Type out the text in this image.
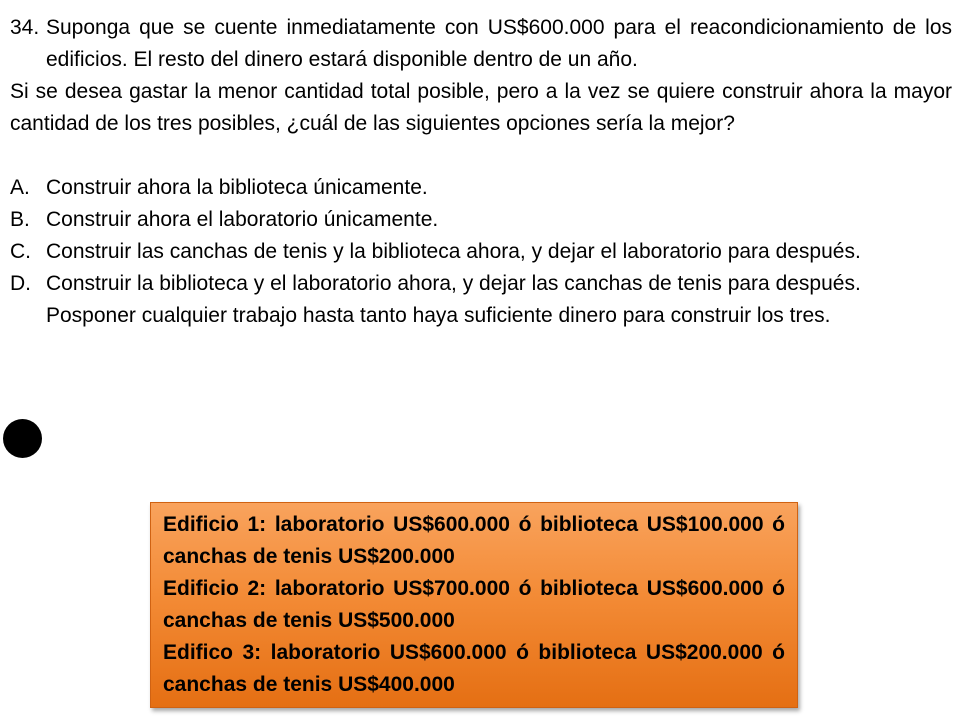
34. Suponga que se cuente inmediatamente con US$600.000 para el reacondicionamiento de los edificios. El resto del dinero estará disponible dentro de un año.
Si se desea gastar la menor cantidad total posible, pero a la vez se quiere construir ahora la mayor cantidad de los tres posibles, ¿cuál de las siguientes opciones sería la mejor?
A. Construir ahora la biblioteca únicamente.
B. Construir ahora el laboratorio únicamente.
C. Construir las canchas de tenis y la biblioteca ahora, y dejar el laboratorio para después.
D. Construir la biblioteca y el laboratorio ahora, y dejar las canchas de tenis para después.
Posponer cualquier trabajo hasta tanto haya suficiente dinero para construir los tres.
Edificio 1: laboratorio US$600.000 ó biblioteca US$100.000 ó canchas de tenis US$200.000
Edificio 2: laboratorio US$700.000 ó biblioteca US$600.000 ó canchas de tenis US$500.000
Edifico 3: laboratorio US$600.000 ó biblioteca US$200.000 ó canchas de tenis US$400.000
